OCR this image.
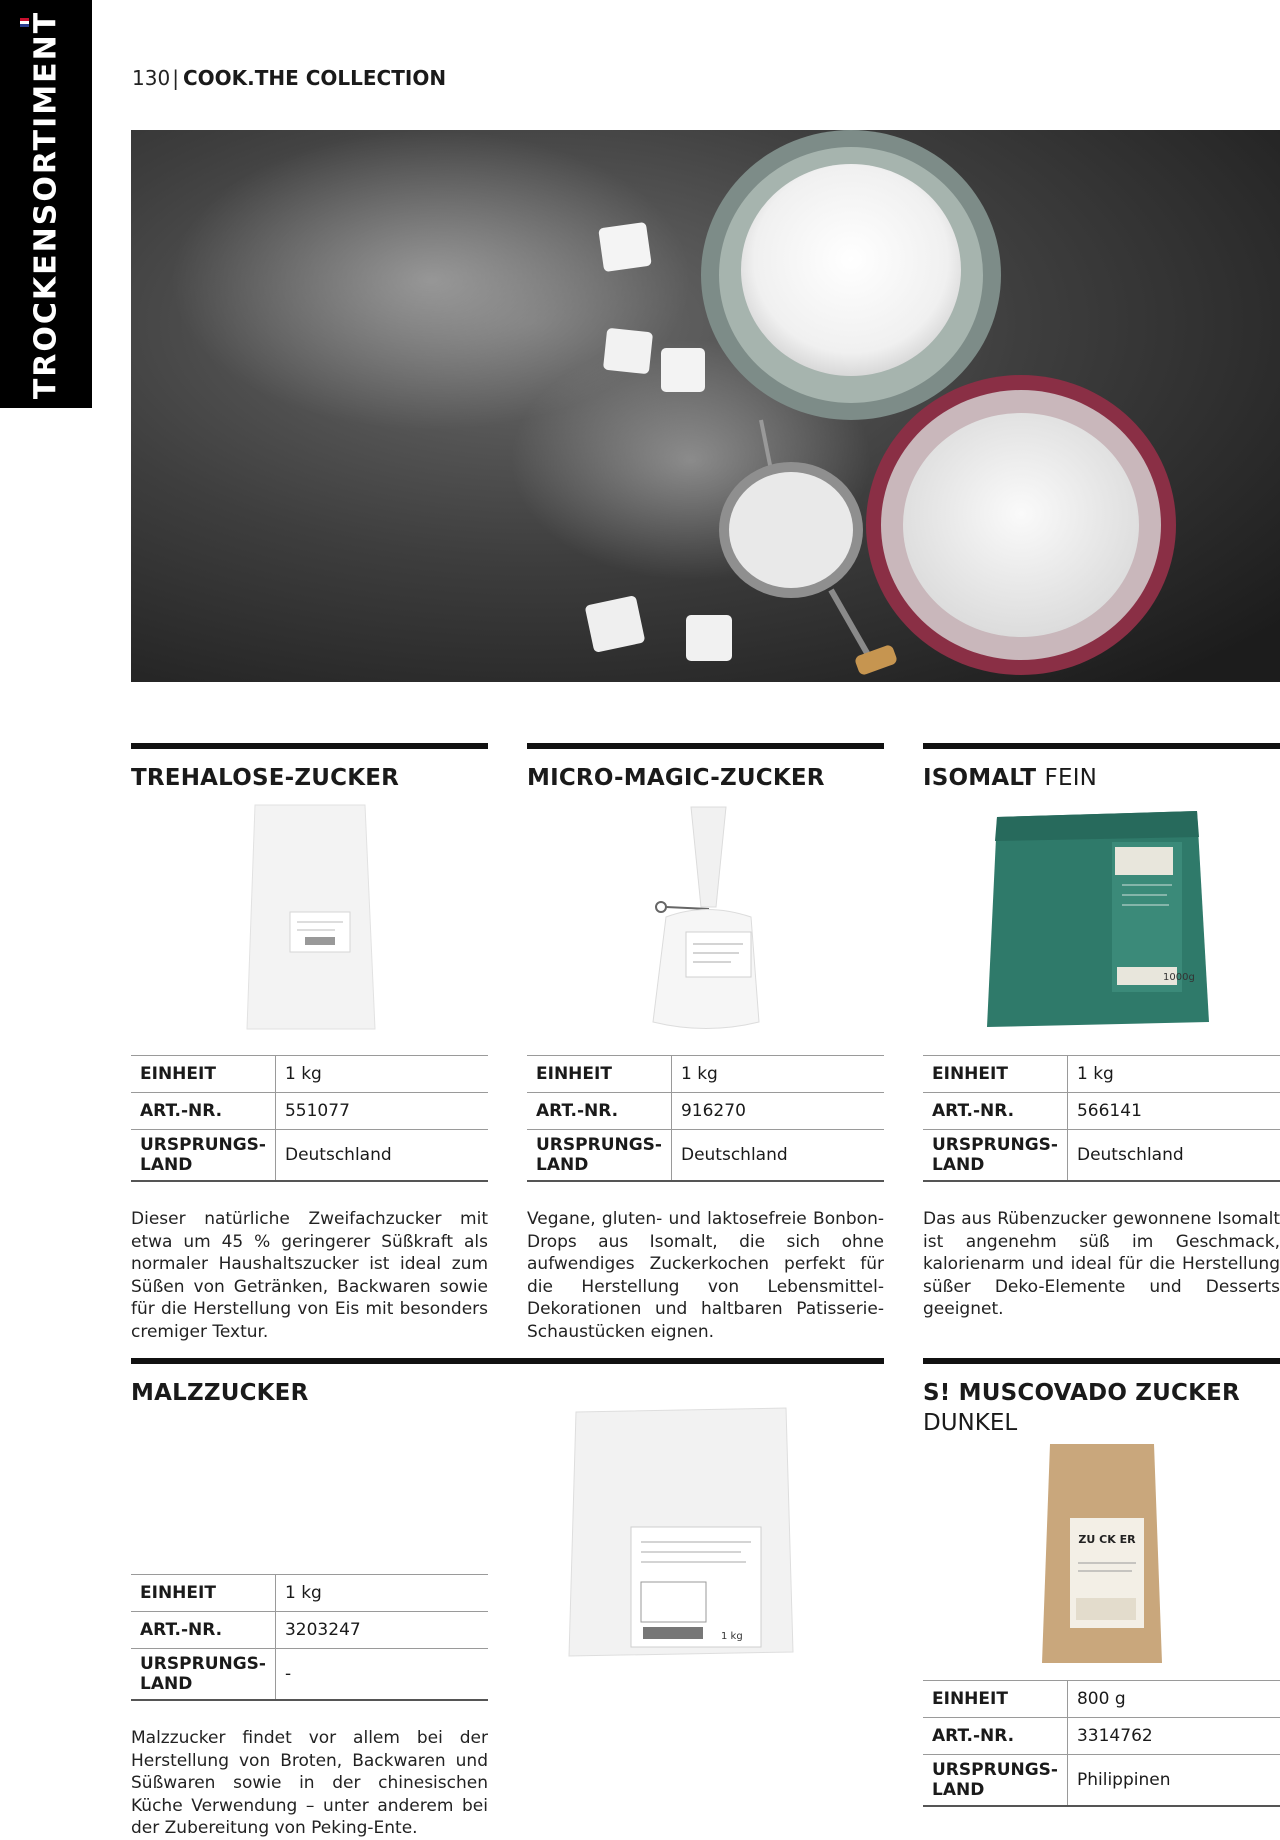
TROCKENSORTIMENT	130 | COOK.THE COLLECTION
TREHALOSE-ZUCKER
EINHEIT	1 kg
ART.-NR.	551077
URSPRUNGS-
LAND	Deutschland
Dieser natürliche Zweifachzucker mit etwa um 45 % geringerer Süßkraft als normaler Haushaltszucker ist ideal zum Süßen von Getränken, Backwaren sowie für die Herstellung von Eis mit besonders cremiger Textur.
MICRO-MAGIC-ZUCKER
EINHEIT	1 kg
ART.-NR.	916270
URSPRUNGS-
LAND	Deutschland
Vegane, gluten- und laktosefreie Bonbon-Drops aus Isomalt, die sich ohne aufwendiges Zuckerkochen perfekt für die Herstellung von Lebensmittel-Dekorationen und haltbaren Patisserie-Schaustücken eignen.
ISOMALT FEIN
1000g
EINHEIT	1 kg
ART.-NR.	566141
URSPRUNGS-
LAND	Deutschland
Das aus Rübenzucker gewonnene Isomalt ist angenehm süß im Geschmack, kalorienarm und ideal für die Herstellung süßer Deko-Elemente und Desserts geeignet.
MALZZUCKER
EINHEIT	1 kg
ART.-NR.	3203247
URSPRUNGS-
LAND	-
Malzzucker findet vor allem bei der Herstellung von Broten, Backwaren und Süßwaren sowie in der chinesischen Küche Verwendung – unter anderem bei der Zubereitung von Peking-Ente.
1 kg
S! MUSCOVADO ZUCKER
DUNKEL
ZU CK ER
EINHEIT	800 g
ART.-NR.	3314762
URSPRUNGS-
LAND	Philippinen
